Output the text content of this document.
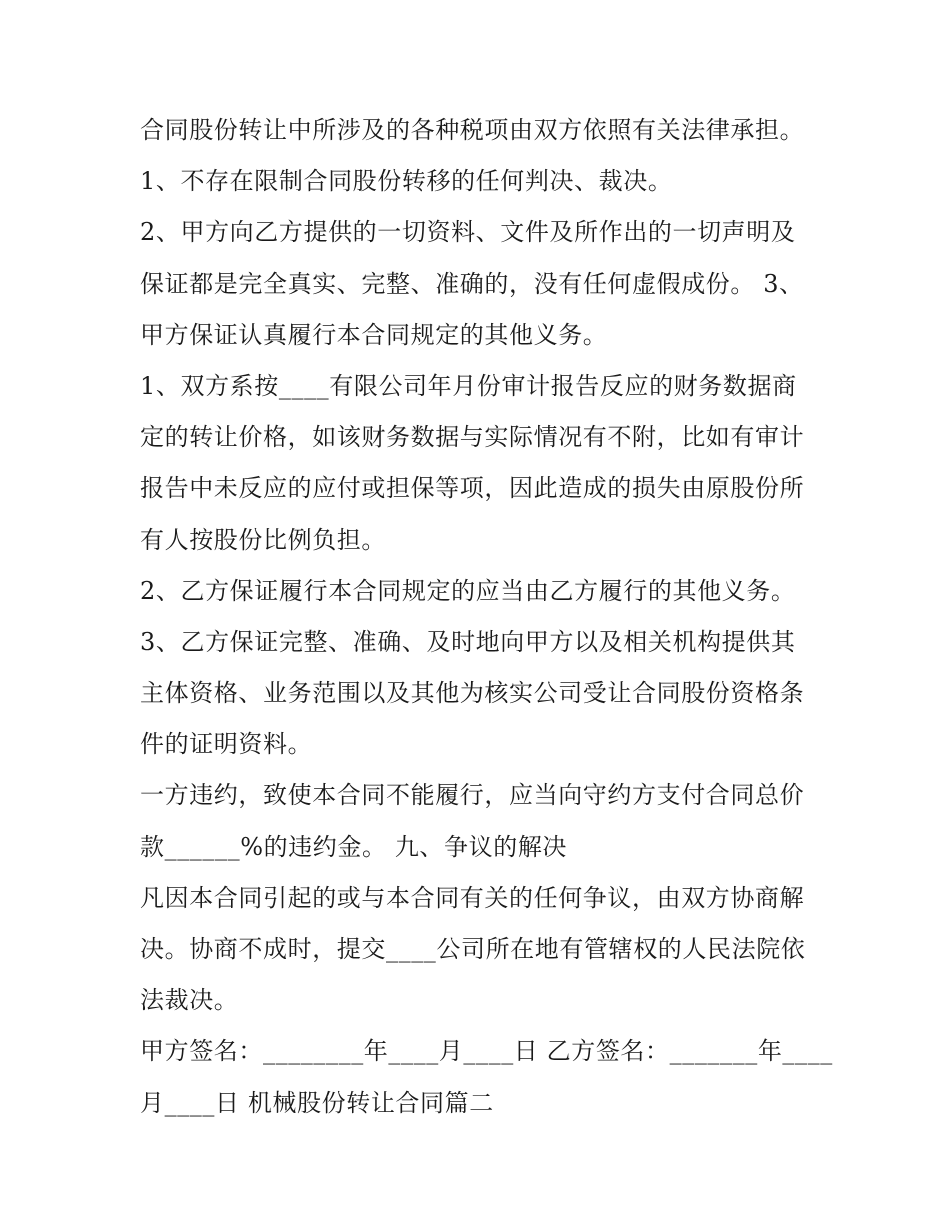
合同股份转让中所涉及的各种税项由双方依照有关法律承担。
1、不存在限制合同股份转移的任何判决、裁决。
2、甲方向乙方提供的一切资料、文件及所作出的一切声明及
保证都是完全真实、完整、准确的，没有任何虚假成份。 3、
甲方保证认真履行本合同规定的其他义务。
1、双方系按____有限公司年月份审计报告反应的财务数据商
定的转让价格，如该财务数据与实际情况有不附，比如有审计
报告中未反应的应付或担保等项，因此造成的损失由原股份所
有人按股份比例负担。
2、乙方保证履行本合同规定的应当由乙方履行的其他义务。
3、乙方保证完整、准确、及时地向甲方以及相关机构提供其
主体资格、业务范围以及其他为核实公司受让合同股份资格条
件的证明资料。
一方违约，致使本合同不能履行，应当向守约方支付合同总价
款______%的违约金。 九、争议的解决
凡因本合同引起的或与本合同有关的任何争议，由双方协商解
决。协商不成时，提交____公司所在地有管辖权的人民法院依
法裁决。
甲方签名：________年____月____日 乙方签名：_______年____
月____日 机械股份转让合同篇二
